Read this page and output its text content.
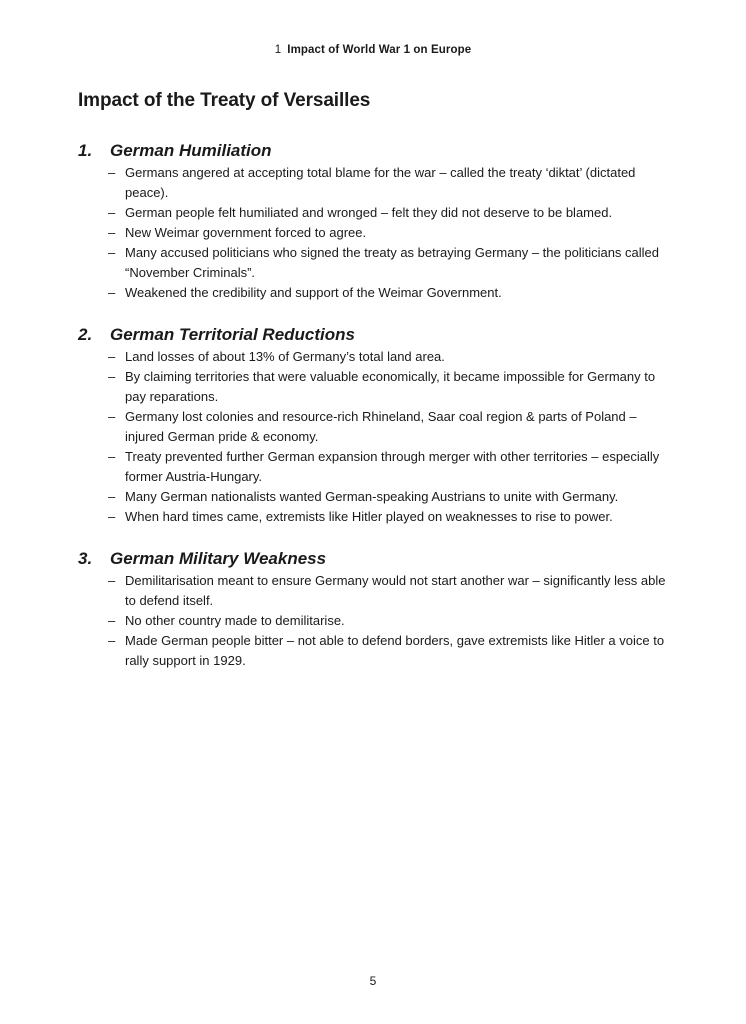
1 Impact of World War 1 on Europe
Impact of the Treaty of Versailles
1.	German Humiliation
– Germans angered at accepting total blame for the war – called the treaty ‘diktat’ (dictated peace).
– German people felt humiliated and wronged – felt they did not deserve to be blamed.
– New Weimar government forced to agree.
– Many accused politicians who signed the treaty as betraying Germany – the politicians called “November Criminals”.
– Weakened the credibility and support of the Weimar Government.
2.	German Territorial Reductions
– Land losses of about 13% of Germany’s total land area.
– By claiming territories that were valuable economically, it became impossible for Germany to pay reparations.
– Germany lost colonies and resource-rich Rhineland, Saar coal region & parts of Poland – injured German pride & economy.
– Treaty prevented further German expansion through merger with other territories – especially former Austria-Hungary.
– Many German nationalists wanted German-speaking Austrians to unite with Germany.
– When hard times came, extremists like Hitler played on weaknesses to rise to power.
3.	German Military Weakness
– Demilitarisation meant to ensure Germany would not start another war – significantly less able to defend itself.
– No other country made to demilitarise.
– Made German people bitter – not able to defend borders, gave extremists like Hitler a voice to rally support in 1929.
5
